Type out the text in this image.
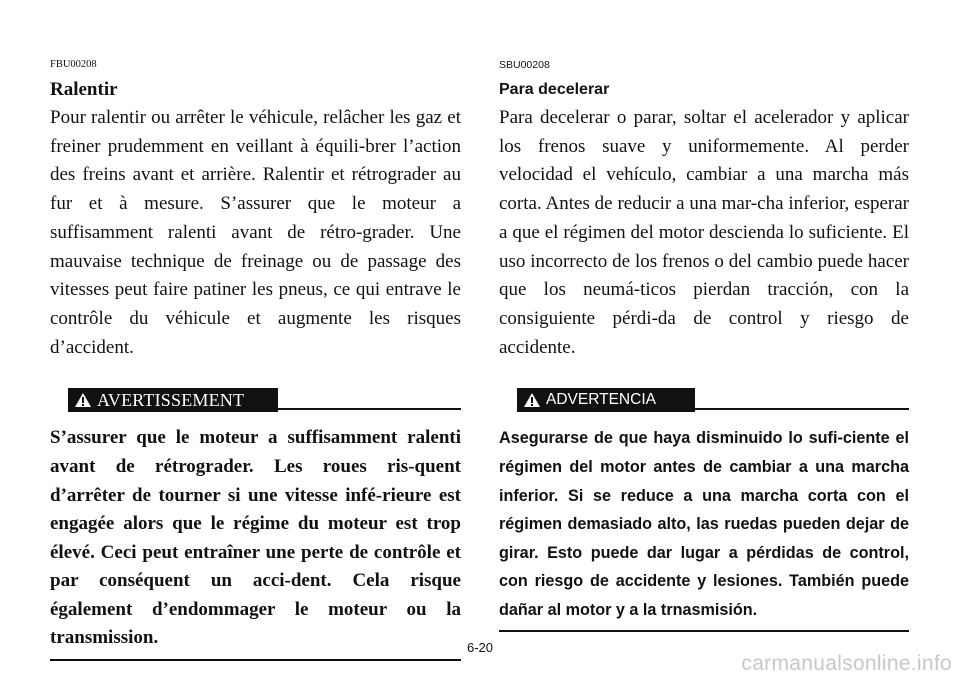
FBU00208
Ralentir
Pour ralentir ou arrêter le véhicule, relâcher les gaz et freiner prudemment en veillant à équili-brer l’action des freins avant et arrière. Ralentir et rétrograder au fur et à mesure. S’assurer que le moteur a suffisamment ralenti avant de rétro-grader. Une mauvaise technique de freinage ou de passage des vitesses peut faire patiner les pneus, ce qui entrave le contrôle du véhicule et augmente les risques d’accident.
AVERTISSEMENT
S’assurer que le moteur a suffisamment ralenti avant de rétrograder. Les roues ris-quent d’arrêter de tourner si une vitesse infé-rieure est engagée alors que le régime du moteur est trop élevé. Ceci peut entraîner une perte de contrôle et par conséquent un acci-dent. Cela risque également d’endommager le moteur ou la transmission.
SBU00208
Para decelerar
Para decelerar o parar, soltar el acelerador y aplicar los frenos suave y uniformemente. Al perder velocidad el vehículo, cambiar a una marcha más corta. Antes de reducir a una mar-cha inferior, esperar a que el régimen del motor descienda lo suficiente. El uso incorrecto de los frenos o del cambio puede hacer que los neumá-ticos pierdan tracción, con la consiguiente pérdi-da de control y riesgo de accidente.
ADVERTENCIA
Asegurarse de que haya disminuido lo sufi-ciente el régimen del motor antes de cambiar a una marcha inferior. Si se reduce a una marcha corta con el régimen demasiado alto, las ruedas pueden dejar de girar. Esto puede dar lugar a pérdidas de control, con riesgo de accidente y lesiones. También puede dañar al motor y a la trnasmisión.
6-20
carmanualsonline.info
